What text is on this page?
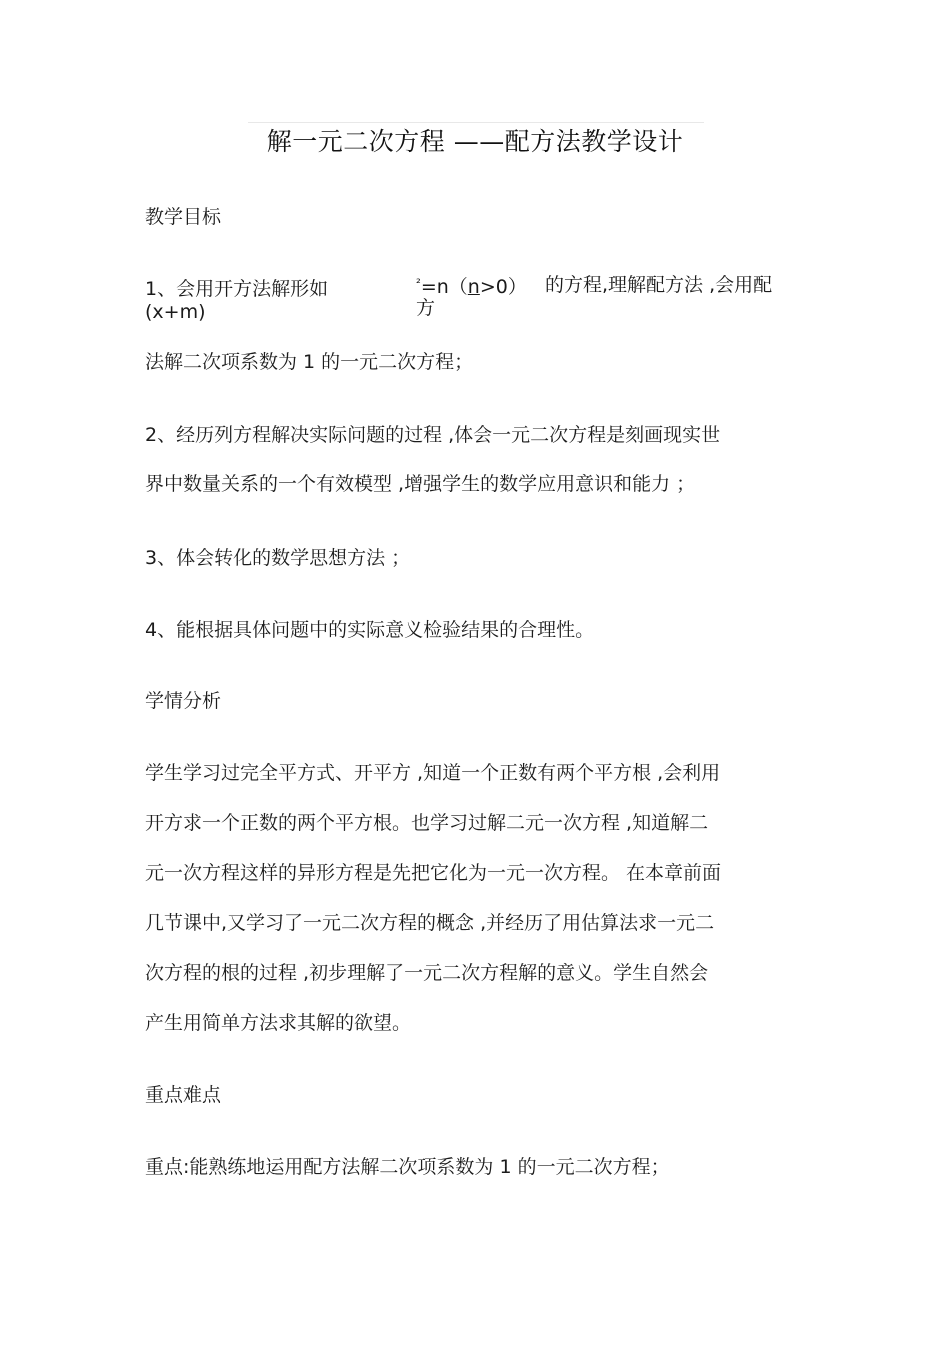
解一元二次方程 ——配方法教学设计
教学目标
1、会用开方法解形如
(x+m)
$^{^2}$=n（n>0）
方
的方程,理解配方法 ,会用配
法解二次项系数为 1 的一元二次方程；
2、经历列方程解决实际问题的过程 ,体会一元二次方程是刻画现实世
界中数量关系的一个有效模型 ,增强学生的数学应用意识和能力 ；
3、体会转化的数学思想方法 ；
4、能根据具体问题中的实际意义检验结果的合理性。
学情分析
学生学习过完全平方式、开平方 ,知道一个正数有两个平方根 ,会利用
开方求一个正数的两个平方根。也学习过解二元一次方程 ,知道解二
元一次方程这样的异形方程是先把它化为一元一次方程。 在本章前面
几节课中,又学习了一元二次方程的概念 ,并经历了用估算法求一元二
次方程的根的过程 ,初步理解了一元二次方程解的意义。学生自然会
产生用简单方法求其解的欲望。
重点难点
重点:能熟练地运用配方法解二次项系数为 1 的一元二次方程；
